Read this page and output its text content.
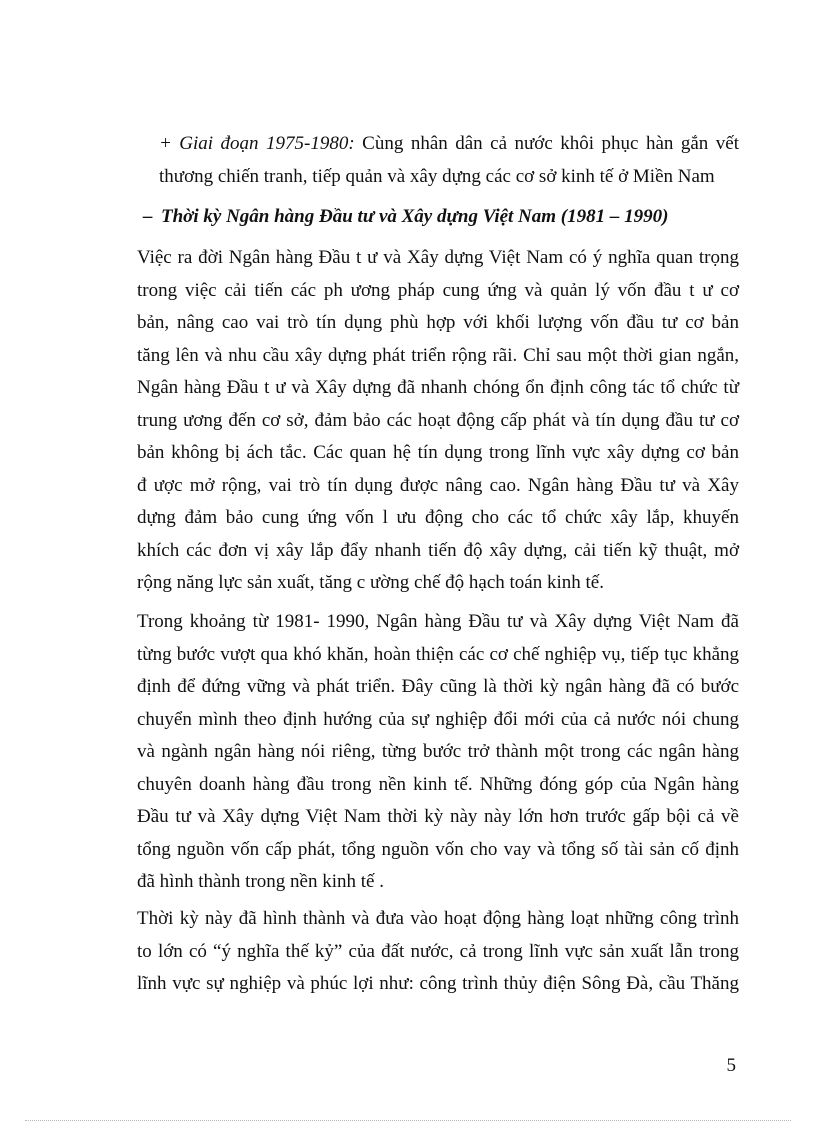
+ Giai đoạn 1975-1980: Cùng nhân dân cả nước khôi phục hàn gắn vết
thương chiến tranh, tiếp quản và xây dựng các cơ sở kinh tế ở Miền Nam
– Thời kỳ Ngân hàng Đầu tư và Xây dựng Việt Nam (1981 – 1990)
Việc ra đời Ngân hàng Đầu t ư và Xây dựng Việt Nam có ý nghĩa quan trọng
trong việc cải tiến các ph ương pháp cung ứng và quản lý vốn đầu t ư cơ
bản, nâng cao vai trò tín dụng phù hợp với khối lượng vốn đầu tư cơ bản
tăng lên và nhu cầu xây dựng phát triển rộng rãi. Chỉ sau một thời gian ngắn,
Ngân hàng Đầu t ư và Xây dựng đã nhanh chóng ổn định công tác tổ chức từ
trung ương đến cơ sở, đảm bảo các hoạt động cấp phát và tín dụng đầu tư cơ
bản không bị ách tắc. Các quan hệ tín dụng trong lĩnh vực xây dựng cơ bản
đ ược mở rộng, vai trò tín dụng được nâng cao. Ngân hàng Đầu tư và Xây
dựng đảm bảo cung ứng vốn l ưu động cho các tổ chức xây lắp, khuyến
khích các đơn vị xây lắp đẩy nhanh tiến độ xây dựng, cải tiến kỹ thuật, mở
rộng năng lực sản xuất, tăng c ường chế độ hạch toán kinh tế.
Trong khoảng từ 1981- 1990, Ngân hàng Đầu tư và Xây dựng Việt Nam đã
từng bước vượt qua khó khăn, hoàn thiện các cơ chế nghiệp vụ, tiếp tục khẳng
định để đứng vững và phát triển. Đây cũng là thời kỳ ngân hàng đã có bước
chuyển mình theo định hướng của sự nghiệp đổi mới của cả nước nói chung
và ngành ngân hàng nói riêng, từng bước trở thành một trong các ngân hàng
chuyên doanh hàng đầu trong nền kinh tế. Những đóng góp của Ngân hàng
Đầu tư và Xây dựng Việt Nam thời kỳ này này lớn hơn trước gấp bội cả về
tổng nguồn vốn cấp phát, tổng nguồn vốn cho vay và tổng số tài sản cố định
đã hình thành trong nền kinh tế .
Thời kỳ này đã hình thành và đưa vào hoạt động hàng loạt những công trình
to lớn có “ý nghĩa thế kỷ” của đất nước, cả trong lĩnh vực sản xuất lẫn trong
lĩnh vực sự nghiệp và phúc lợi như: công trình thủy điện Sông Đà, cầu Thăng
5
